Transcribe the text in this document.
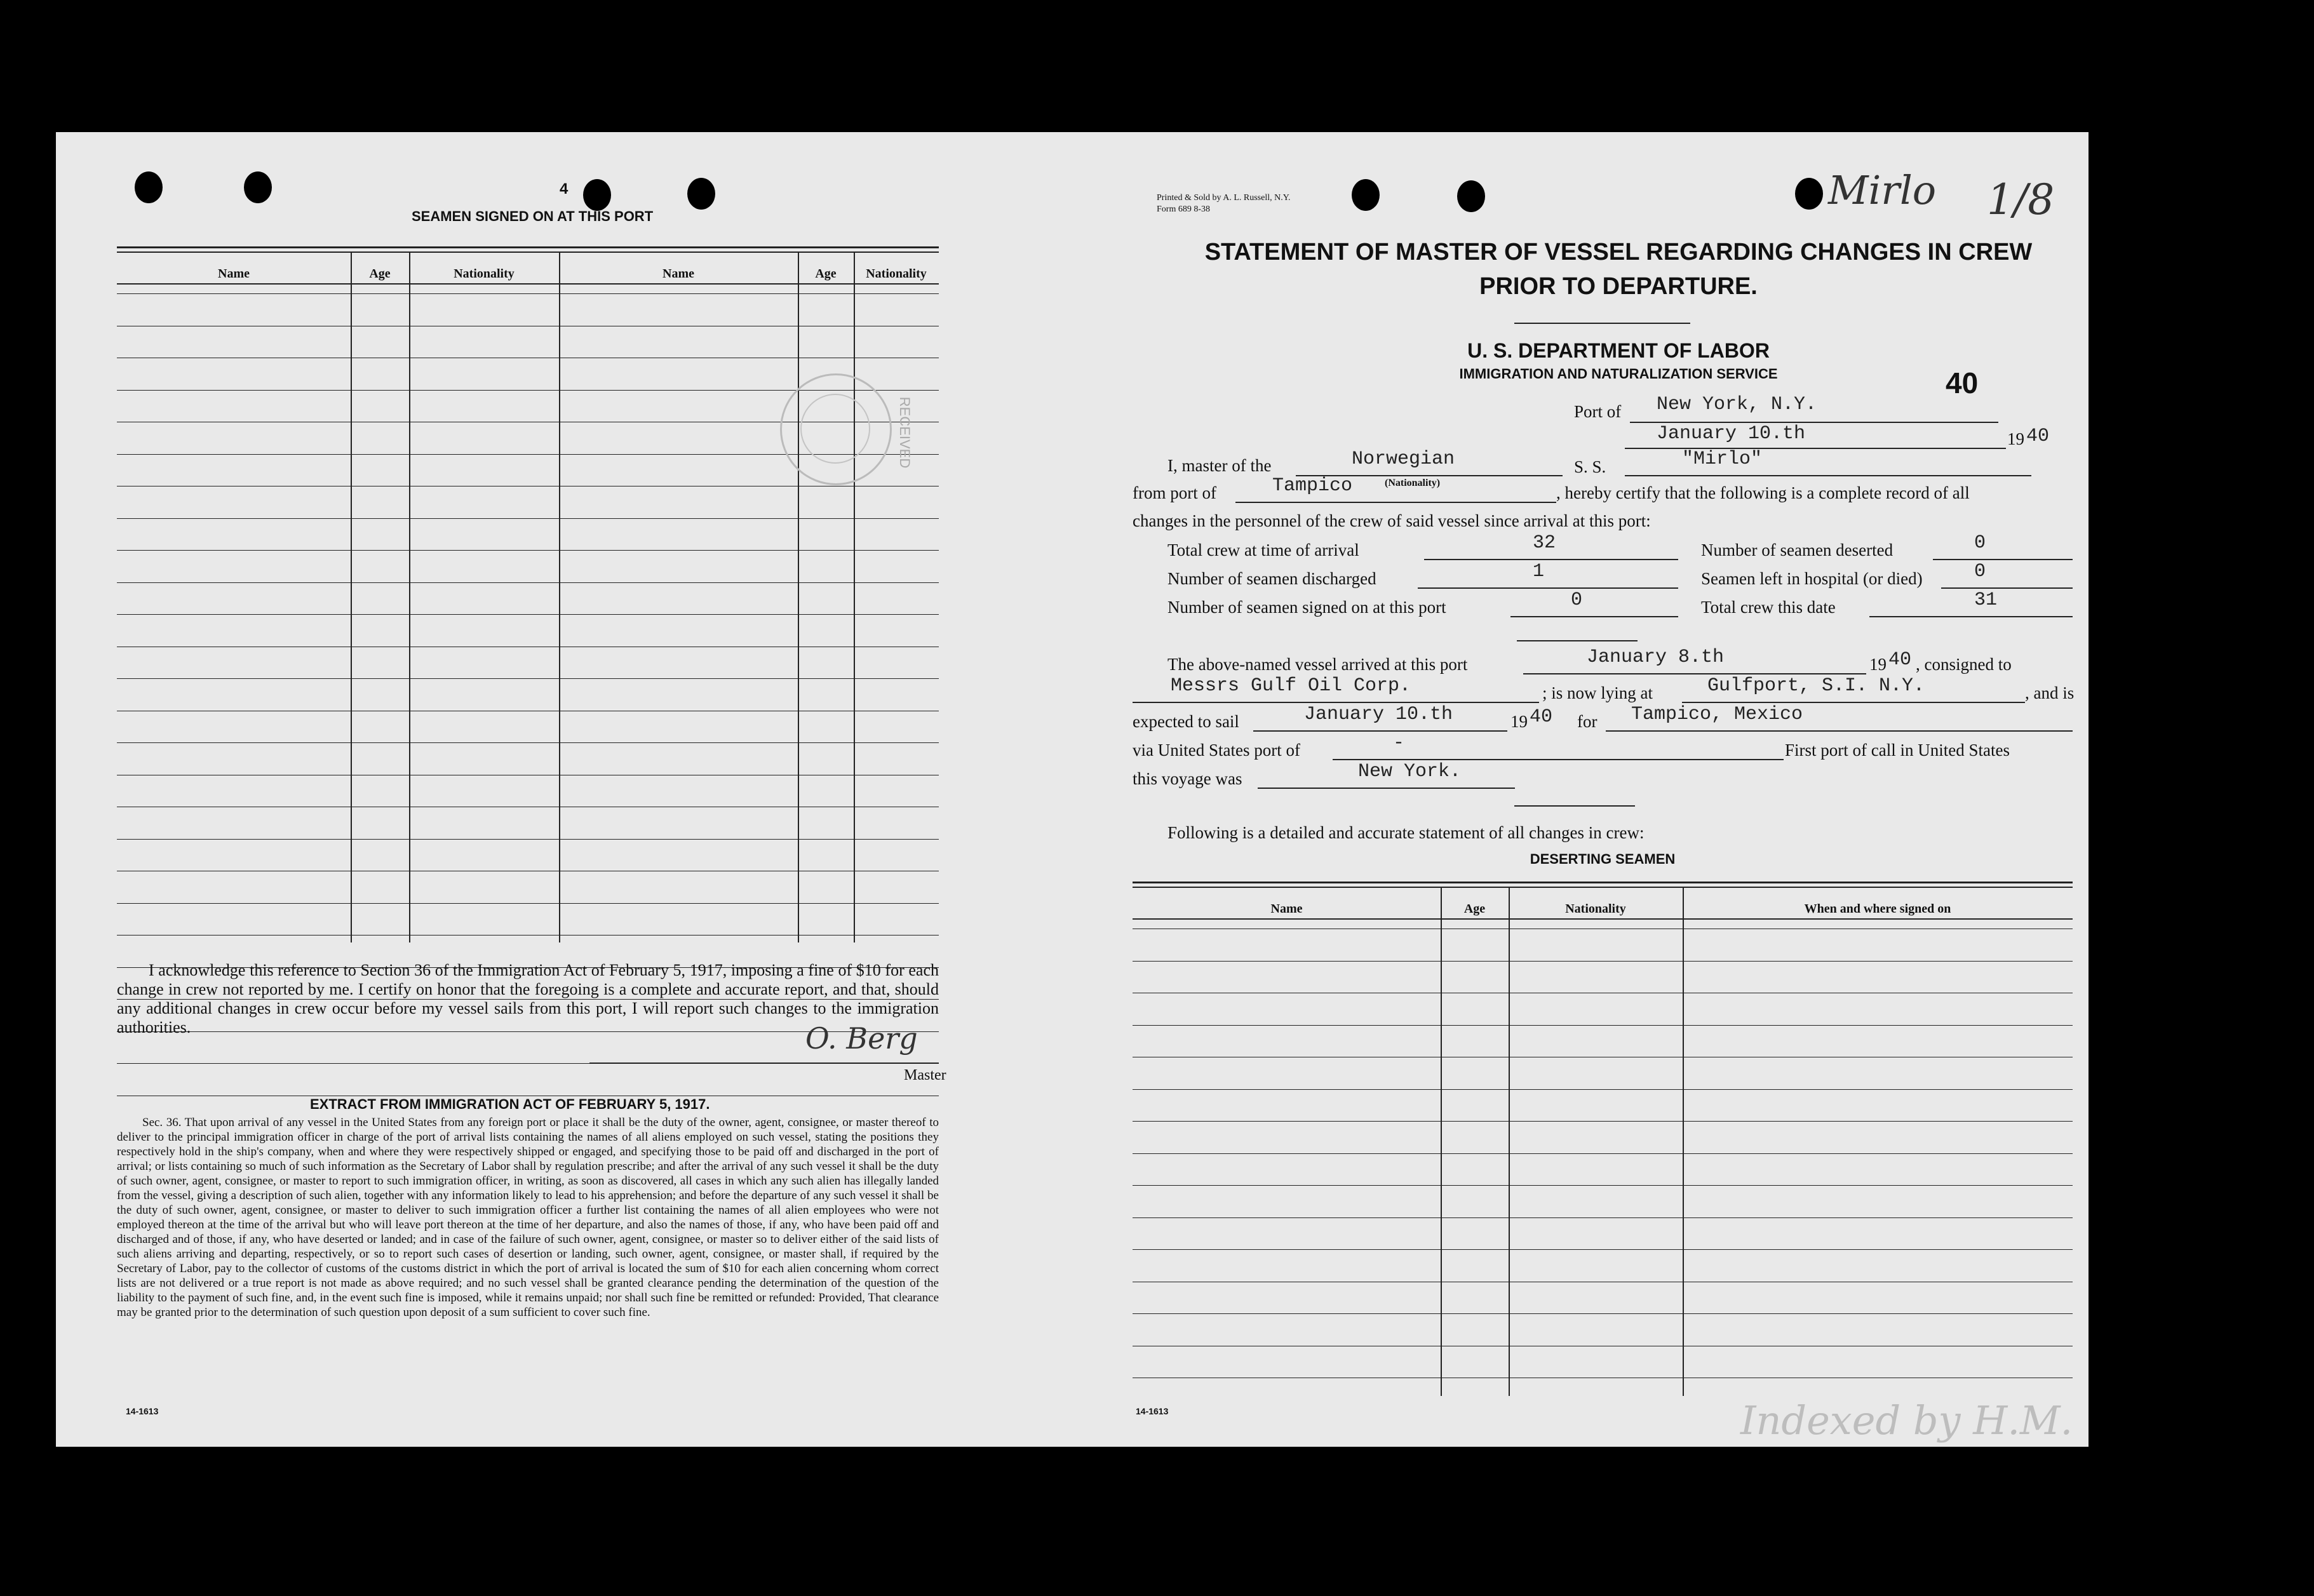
4
SEAMEN SIGNED ON AT THIS PORT
Name	Age	Nationality	Name	Age	Nationality
RECEIVED
I acknowledge this reference to Section 36 of the Immigration Act of February 5, 1917, imposing a fine of $10 for each change in crew not reported by me. I certify on honor that the foregoing is a complete and accurate report, and that, should any additional changes in crew occur before my vessel sails from this port, I will report such changes to the immigration authorities.	O. Berg
Master
EXTRACT FROM IMMIGRATION ACT OF FEBRUARY 5, 1917.
Sec. 36. That upon arrival of any vessel in the United States from any foreign port or place it shall be the duty of the owner, agent, consignee, or master thereof to deliver to the principal immigration officer in charge of the port of arrival lists containing the names of all aliens employed on such vessel, stating the positions they respectively hold in the ship's company, when and where they were respectively shipped or engaged, and specifying those to be paid off and discharged in the port of arrival; or lists containing so much of such information as the Secretary of Labor shall by regulation prescribe; and after the arrival of any such vessel it shall be the duty of such owner, agent, consignee, or master to report to such immigration officer, in writing, as soon as discovered, all cases in which any such alien has illegally landed from the vessel, giving a description of such alien, together with any information likely to lead to his apprehension; and before the departure of any such vessel it shall be the duty of such owner, agent, consignee, or master to deliver to such immigration officer a further list containing the names of all alien employees who were not employed thereon at the time of the arrival but who will leave port thereon at the time of her departure, and also the names of those, if any, who have been paid off and discharged and of those, if any, who have deserted or landed; and in case of the failure of such owner, agent, consignee, or master so to deliver either of the said lists of such aliens arriving and departing, respectively, or so to report such cases of desertion or landing, such owner, agent, consignee, or master shall, if required by the Secretary of Labor, pay to the collector of customs of the customs district in which the port of arrival is located the sum of $10 for each alien concerning whom correct lists are not delivered or a true report is not made as above required; and no such vessel shall be granted clearance pending the determination of the question of the liability to the payment of such fine, and, in the event such fine is imposed, while it remains unpaid; nor shall such fine be remitted or refunded: Provided, That clearance may be granted prior to the determination of such question upon deposit of a sum sufficient to cover such fine.
14-1613
Printed & Sold by A. L. Russell, N.Y.
Form 689 8-38	Mirlo 1/8
STATEMENT OF MASTER OF VESSEL REGARDING CHANGES IN CREW
PRIOR TO DEPARTURE.
U. S. DEPARTMENT OF LABOR
IMMIGRATION AND NATURALIZATION SERVICE	40
Port of New York, N.Y.
January 10.th	19 40
I, master of the	Norwegian
(Nationality)
S. S.	"Mirlo"
from port of	Tampico	, hereby certify that the following is a complete record of all
changes in the personnel of the crew of said vessel since arrival at this port:
Total crew at time of arrival	32	Number of seamen deserted	0
Number of seamen discharged	1	Seamen left in hospital (or died)	0
Number of seamen signed on at this port	0	Total crew this date	31
The above-named vessel arrived at this port	January 8.th	19 40 , consigned to
Messrs Gulf Oil Corp.	; is now lying at	Gulfport, S.I. N.Y.	, and is
expected to sail	January 10.th	19 40 for Tampico, Mexico
via United States port of	-	First port of call in United States
this voyage was	New York.
Following is a detailed and accurate statement of all changes in crew:
DESERTING SEAMEN
Name	Age	Nationality	When and where signed on
14-1613	Indexed by H.M.
